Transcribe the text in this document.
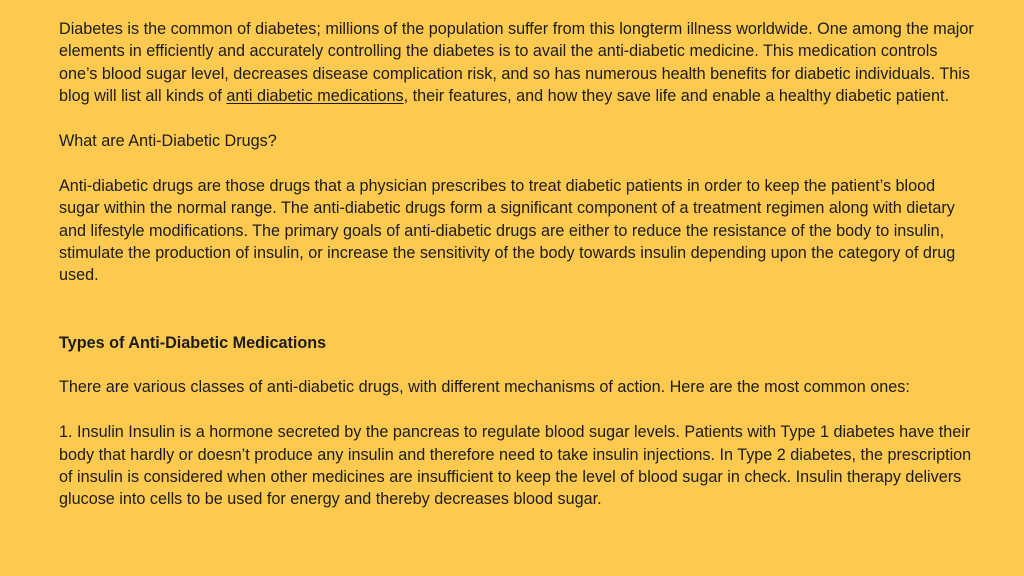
Diabetes is the common of diabetes; millions of the population suffer from this longterm illness worldwide. One among the major elements in efficiently and accurately controlling the diabetes is to avail the anti-diabetic medicine. This medication controls one’s blood sugar level, decreases disease complication risk, and so has numerous health benefits for diabetic individuals. This blog will list all kinds of anti diabetic medications, their features, and how they save life and enable a healthy diabetic patient.

What are Anti-Diabetic Drugs?

Anti-diabetic drugs are those drugs that a physician prescribes to treat diabetic patients in order to keep the patient’s blood sugar within the normal range. The anti-diabetic drugs form a significant component of a treatment regimen along with dietary and lifestyle modifications. The primary goals of anti-diabetic drugs are either to reduce the resistance of the body to insulin, stimulate the production of insulin, or increase the sensitivity of the body towards insulin depending upon the category of drug used.

Types of Anti-Diabetic Medications

There are various classes of anti-diabetic drugs, with different mechanisms of action. Here are the most common ones:

1. Insulin Insulin is a hormone secreted by the pancreas to regulate blood sugar levels. Patients with Type 1 diabetes have their body that hardly or doesn’t produce any insulin and therefore need to take insulin injections. In Type 2 diabetes, the prescription of insulin is considered when other medicines are insufficient to keep the level of blood sugar in check. Insulin therapy delivers glucose into cells to be used for energy and thereby decreases blood sugar.
